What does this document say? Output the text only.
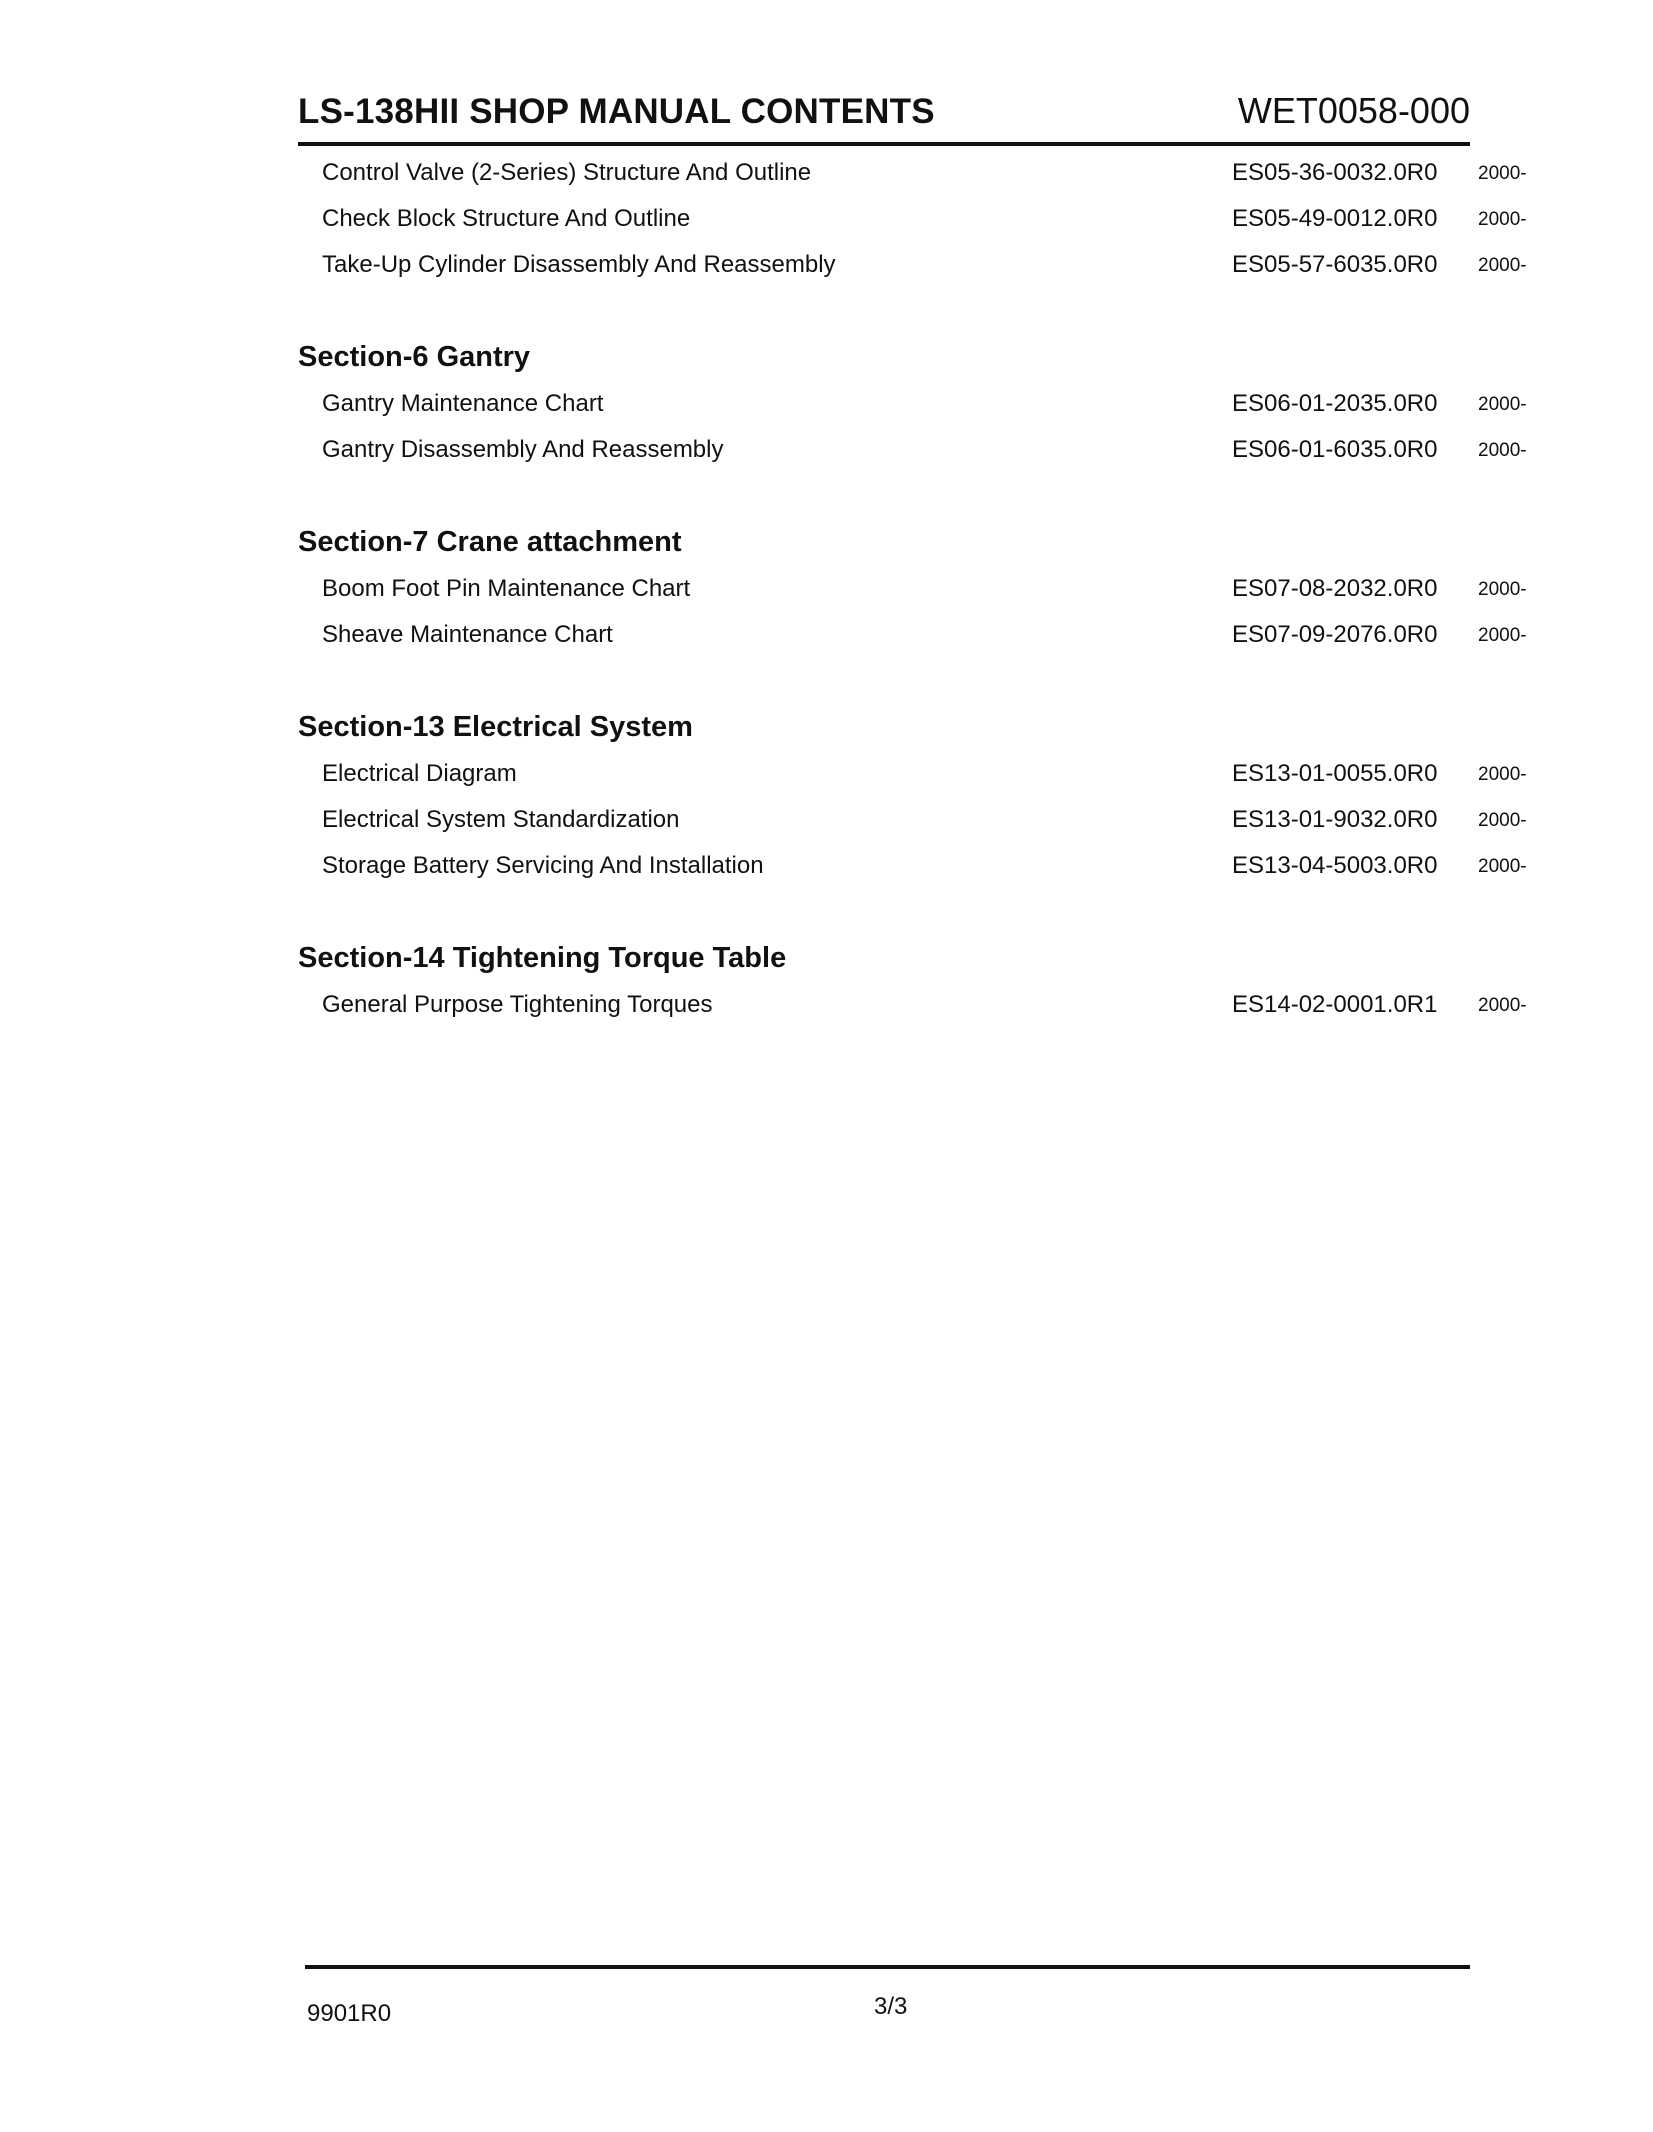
LS-138HII SHOP MANUAL CONTENTS	WET0058-000
Control Valve (2-Series) Structure And Outline	ES05-36-0032.0R0 2000-
Check Block Structure And Outline	ES05-49-0012.0R0 2000-
Take-Up Cylinder Disassembly And Reassembly	ES05-57-6035.0R0 2000-
Section-6 Gantry
Gantry Maintenance Chart	ES06-01-2035.0R0 2000-
Gantry Disassembly And Reassembly	ES06-01-6035.0R0 2000-
Section-7 Crane attachment
Boom Foot Pin Maintenance Chart	ES07-08-2032.0R0 2000-
Sheave Maintenance Chart	ES07-09-2076.0R0 2000-
Section-13 Electrical System
Electrical Diagram	ES13-01-0055.0R0 2000-
Electrical System Standardization	ES13-01-9032.0R0 2000-
Storage Battery Servicing And Installation	ES13-04-5003.0R0 2000-
Section-14 Tightening Torque Table
General Purpose Tightening Torques	ES14-02-0001.0R1 2000-
9901R0	3/3
